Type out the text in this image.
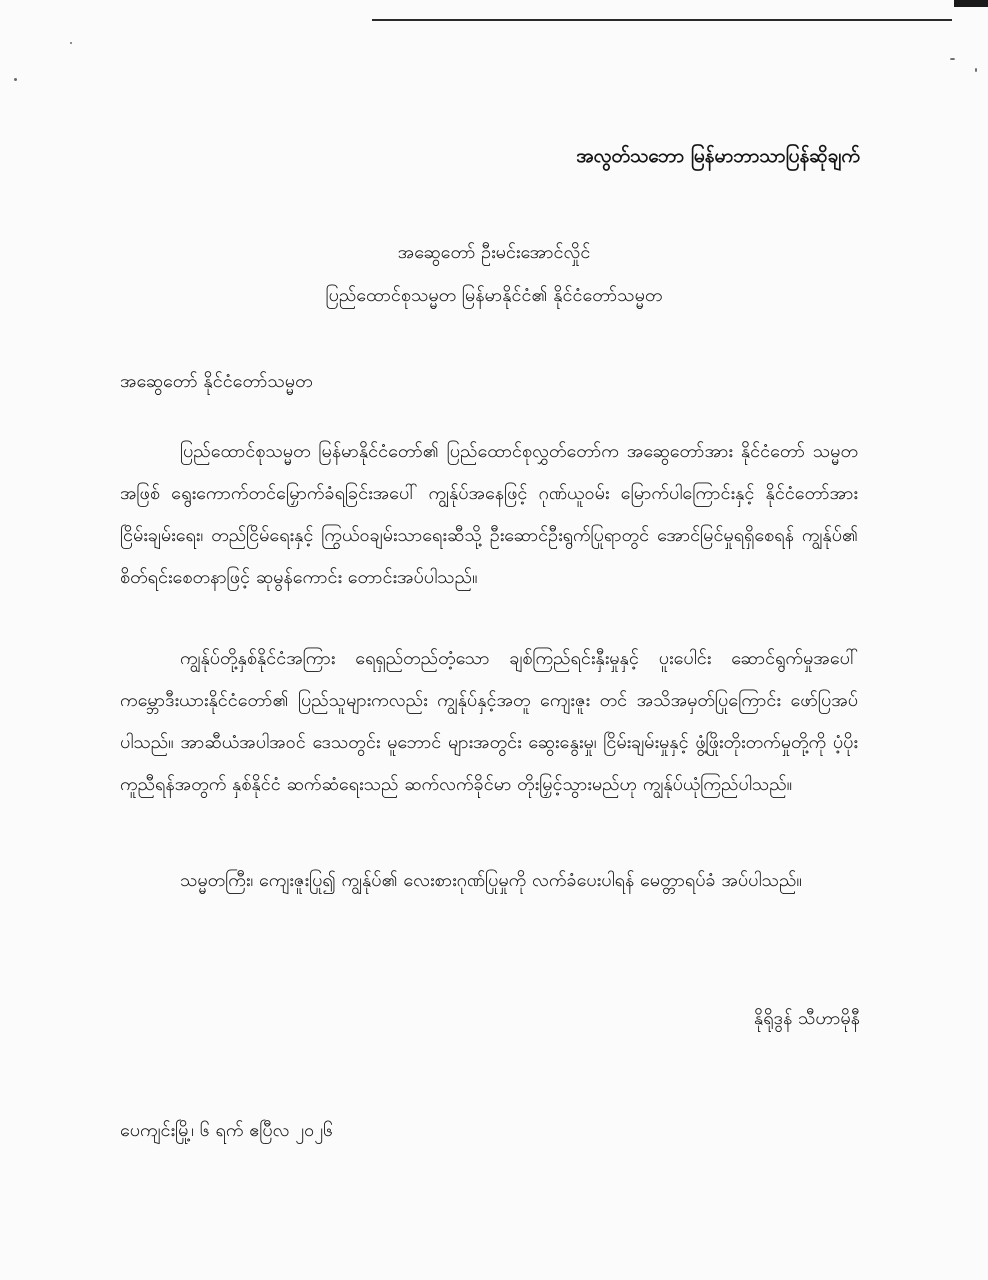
အလွတ်သဘော မြန်မာဘာသာပြန်ဆိုချက်
အဆွေတော် ဦးမင်းအောင်လှိုင်
ပြည်ထောင်စုသမ္မတ မြန်မာနိုင်ငံ၏ နိုင်ငံတော်သမ္မတ
အဆွေတော် နိုင်ငံတော်သမ္မတ

ပြည်ထောင်စုသမ္မတ မြန်မာနိုင်ငံတော်၏ ပြည်ထောင်စုလွှတ်တော်က အဆွေတော်အား နိုင်ငံတော် သမ္မတအဖြစ် ရွေးကောက်တင်မြှောက်ခံရခြင်းအပေါ် ကျွန်ုပ်အနေဖြင့် ဂုဏ်ယူဝမ်း မြောက်ပါကြောင်းနှင့် နိုင်ငံတော်အား ငြိမ်းချမ်းရေး၊ တည်ငြိမ်ရေးနှင့် ကြွယ်ဝချမ်းသာရေးဆီသို့ ဦးဆောင်ဦးရွက်ပြုရာတွင် အောင်မြင်မှုရရှိစေရန် ကျွန်ုပ်၏ စိတ်ရင်းစေတနာဖြင့် ဆုမွန်ကောင်း တောင်းအပ်ပါသည်။

ကျွန်ုပ်တို့နှစ်နိုင်ငံအကြား ရေရှည်တည်တံ့သော ချစ်ကြည်ရင်းနှီးမှုနှင့် ပူးပေါင်း ဆောင်ရွက်မှုအပေါ် ကမ္ဘောဒီးယားနိုင်ငံတော်၏ ပြည်သူများကလည်း ကျွန်ုပ်နှင့်အတူ ကျေးဇူး တင် အသိအမှတ်ပြုကြောင်း ဖော်ပြအပ်ပါသည်။ အာဆီယံအပါအဝင် ဒေသတွင်း မူဘောင် များအတွင်း ဆွေးနွေးမှု၊ ငြိမ်းချမ်းမှုနှင့် ဖွံ့ဖြိုးတိုးတက်မှုတို့ကို ပံ့ပိုးကူညီရန်အတွက် နှစ်နိုင်ငံ ဆက်ဆံရေးသည် ဆက်လက်ခိုင်မာ တိုးမြှင့်သွားမည်ဟု ကျွန်ုပ်ယုံကြည်ပါသည်။

သမ္မတကြီး၊ ကျေးဇူးပြု၍ ကျွန်ုပ်၏ လေးစားဂုဏ်ပြုမှုကို လက်ခံပေးပါရန် မေတ္တာရပ်ခံ အပ်ပါသည်။

နိုရိုဒွန် သီဟာမိုနီ
ပေကျင်းမြို့၊ ၆ ရက် ဧပြီလ ၂၀၂၆
